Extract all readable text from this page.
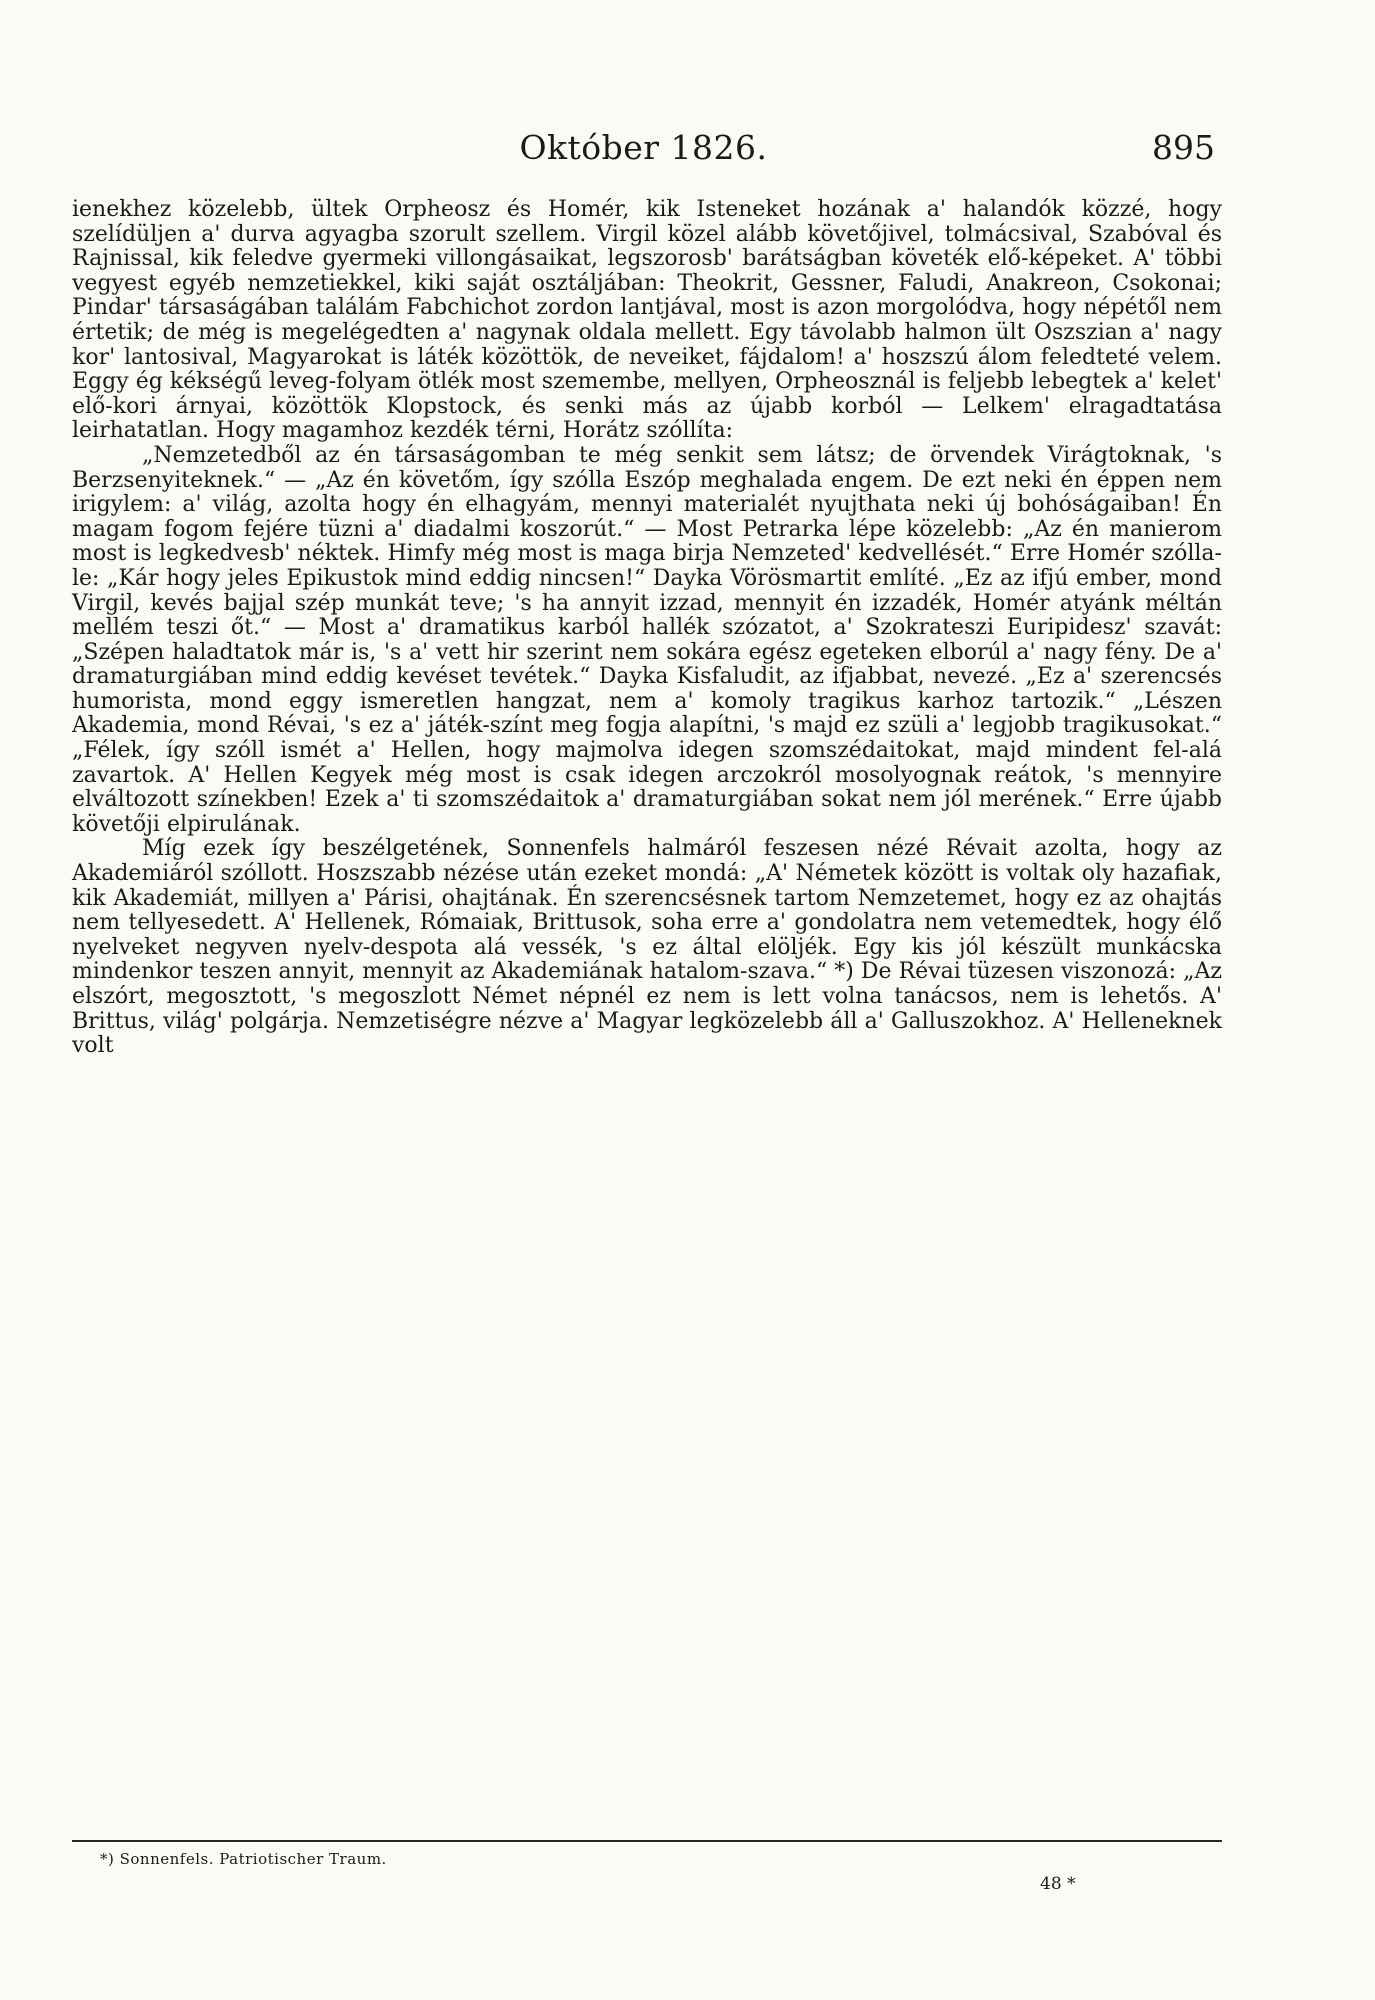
Október 1826.	895

ienekhez közelebb, ültek Orpheosz és Homér, kik Isteneket hozának a' halandók közzé, hogy szelídüljen a' durva agyagba szorult szellem. Virgil közel alább követőjivel, tolmácsival, Szabóval és Rajnissal, kik feledve gyermeki villongásaikat, legszorosb' barátságban követék elő-képeket. A' többi vegyest egyéb nemzetiekkel, kiki saját osztáljában: Theokrit, Gessner, Faludi, Anakreon, Csokonai; Pindar' társaságában találám Fabchichot zordon lantjával, most is azon morgolódva, hogy népétől nem értetik; de még is megelégedten a' nagynak oldala mellett. Egy távolabb halmon ült Oszszian a' nagy kor' lantosival, Magyarokat is láték közöttök, de neveiket, fájdalom! a' hoszszú álom feledteté velem. Eggy ég kékségű leveg-folyam ötlék most szemembe, mellyen, Orpheosznál is feljebb lebegtek a' kelet' elő-kori árnyai, közöttök Klopstock, és senki más az újabb korból — Lelkem' elragadtatása leirhatatlan. Hogy magamhoz kezdék térni, Horátz szóllíta:

„Nemzetedből az én társaságomban te még senkit sem látsz; de örvendek Virágtoknak, 's Berzsenyiteknek.“ — „Az én követőm, így szólla Eszóp meghalada engem. De ezt neki én éppen nem irigylem: a' világ, azolta hogy én elhagyám, mennyi materialét nyujthata neki új bohóságaiban! Én magam fogom fejére tüzni a' diadalmi koszorút.“ — Most Petrarka lépe közelebb: „Az én manierom most is legkedvesb' néktek. Himfy még most is maga birja Nemzeted' kedvellését.“ Erre Homér szólla-le: „Kár hogy jeles Epikustok mind eddig nincsen!“ Dayka Vörösmartit említé. „Ez az ifjú ember, mond Virgil, kevés bajjal szép munkát teve; 's ha annyit izzad, mennyit én izzadék, Homér atyánk méltán mellém teszi őt.“ — Most a' dramatikus karból hallék szózatot, a' Szokrateszi Euripidesz' szavát: „Szépen haladtatok már is, 's a' vett hir szerint nem sokára egész egeteken elborúl a' nagy fény. De a' dramaturgiában mind eddig kevéset tevétek.“ Dayka Kisfaludit, az ifjabbat, nevezé. „Ez a' szerencsés humorista, mond eggy ismeretlen hangzat, nem a' komoly tragikus karhoz tartozik.“ „Lészen Akademia, mond Révai, 's ez a' játék-színt meg fogja alapítni, 's majd ez szüli a' legjobb tragikusokat.“ „Félek, így szóll ismét a' Hellen, hogy majmolva idegen szomszédaitokat, majd mindent fel-alá zavartok. A' Hellen Kegyek még most is csak idegen arczokról mosolyognak reátok, 's mennyire elváltozott színekben! Ezek a' ti szomszédaitok a' dramaturgiában sokat nem jól merének.“ Erre újabb követőji elpirulának.

Míg ezek így beszélgetének, Sonnenfels halmáról feszesen nézé Révait azolta, hogy az Akademiáról szóllott. Hoszszabb nézése után ezeket mondá: „A' Németek között is voltak oly hazafiak, kik Akademiát, millyen a' Párisi, ohajtának. Én szerencsésnek tartom Nemzetemet, hogy ez az ohajtás nem tellyesedett. A' Hellenek, Rómaiak, Brittusok, soha erre a' gondolatra nem vetemedtek, hogy élő nyelveket negyven nyelv-despota alá vessék, 's ez által elöljék. Egy kis jól készült munkácska mindenkor teszen annyit, mennyit az Akademiának hatalom-szava.“ *) De Révai tüzesen viszonozá: „Az elszórt, megosztott, 's megoszlott Német népnél ez nem is lett volna tanácsos, nem is lehetős. A' Brittus, világ' polgárja. Nemzetiségre nézve a' Magyar legközelebb áll a' Galluszokhoz. A' Helleneknek volt

*) Sonnenfels. Patriotischer Traum.
48 *
